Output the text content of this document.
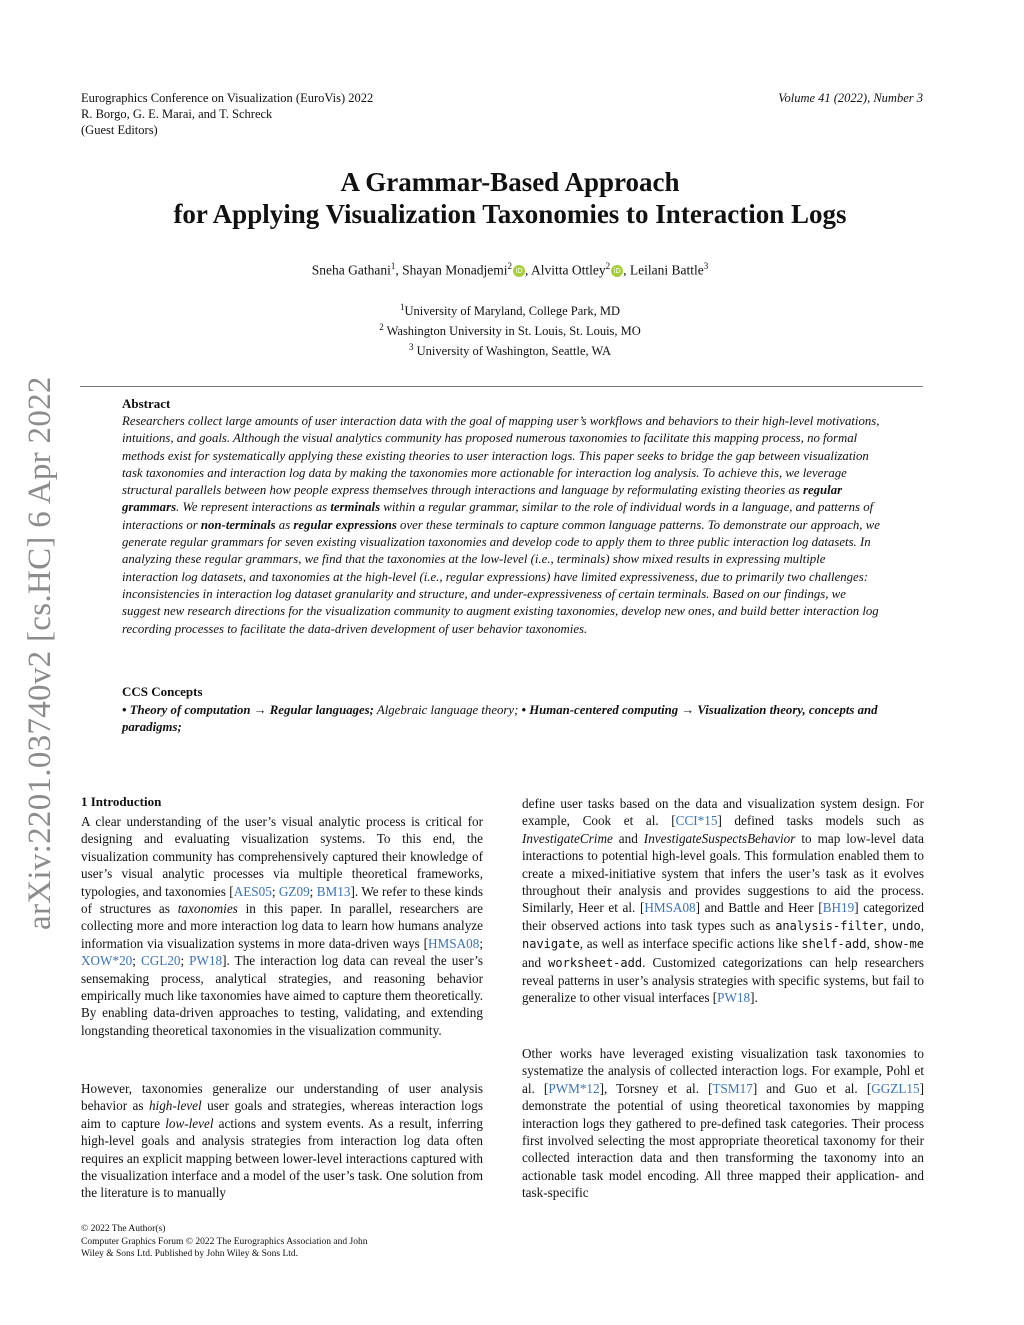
Eurographics Conference on Visualization (EuroVis) 2022
R. Borgo, G. E. Marai, and T. Schreck
(Guest Editors)
Volume 41 (2022), Number 3
arXiv:2201.03740v2 [cs.HC] 6 Apr 2022
A Grammar-Based Approach
for Applying Visualization Taxonomies to Interaction Logs
Sneha Gathani$^1$, Shayan Monadjemi$^2$ iD , Alvitta Ottley$^2$ iD , Leilani Battle$^3$
$^1$University of Maryland, College Park, MD
$^2$ Washington University in St. Louis, St. Louis, MO
$^3$ University of Washington, Seattle, WA
Abstract
Researchers collect large amounts of user interaction data with the goal of mapping user’s workflows and behaviors to their high-level motivations, intuitions, and goals. Although the visual analytics community has proposed numerous taxonomies to facilitate this mapping process, no formal methods exist for systematically applying these existing theories to user interaction logs. This paper seeks to bridge the gap between visualization task taxonomies and interaction log data by making the taxonomies more actionable for interaction log analysis. To achieve this, we leverage structural parallels between how people express themselves through interactions and language by reformulating existing theories as regular grammars. We represent interactions as terminals within a regular grammar, similar to the role of individual words in a language, and patterns of interactions or non-terminals as regular expressions over these terminals to capture common language patterns. To demonstrate our approach, we generate regular grammars for seven existing visualization taxonomies and develop code to apply them to three public interaction log datasets. In analyzing these regular grammars, we find that the taxonomies at the low-level (i.e., terminals) show mixed results in expressing multiple interaction log datasets, and taxonomies at the high-level (i.e., regular expressions) have limited expressiveness, due to primarily two challenges: inconsistencies in interaction log dataset granularity and structure, and under-expressiveness of certain terminals. Based on our findings, we suggest new research directions for the visualization community to augment existing taxonomies, develop new ones, and build better interaction log recording processes to facilitate the data-driven development of user behavior taxonomies.
CCS Concepts
• Theory of computation → Regular languages; Algebraic language theory; • Human-centered computing → Visualization theory, concepts and paradigms;
1 Introduction

A clear understanding of the user’s visual analytic process is critical for designing and evaluating visualization systems. To this end, the visualization community has comprehensively captured their knowledge of user’s visual analytic processes via multiple theoretical frameworks, typologies, and taxonomies [AES05; GZ09; BM13]. We refer to these kinds of structures as taxonomies in this paper. In parallel, researchers are collecting more and more interaction log data to learn how humans analyze information via visualization systems in more data-driven ways [HMSA08; XOW*20; CGL20; PW18]. The interaction log data can reveal the user’s sensemaking process, analytical strategies, and reasoning behavior empirically much like taxonomies have aimed to capture them theoretically. By enabling data-driven approaches to testing, validating, and extending longstanding theoretical taxonomies in the visualization community.

However, taxonomies generalize our understanding of user analysis behavior as high-level user goals and strategies, whereas interaction logs aim to capture low-level actions and system events. As a result, inferring high-level goals and analysis strategies from interaction log data often requires an explicit mapping between lower-level interactions captured with the visualization interface and a model of the user’s task. One solution from the literature is to manually

define user tasks based on the data and visualization system design. For example, Cook et al. [CCI*15] defined tasks models such as InvestigateCrime and InvestigateSuspectsBehavior to map low-level data interactions to potential high-level goals. This formulation enabled them to create a mixed-initiative system that infers the user’s task as it evolves throughout their analysis and provides suggestions to aid the process. Similarly, Heer et al. [HMSA08] and Battle and Heer [BH19] categorized their observed actions into task types such as analysis-filter, undo, navigate, as well as interface specific actions like shelf-add, show-me and worksheet-add. Customized categorizations can help researchers reveal patterns in user’s analysis strategies with specific systems, but fail to generalize to other visual interfaces [PW18].

Other works have leveraged existing visualization task taxonomies to systematize the analysis of collected interaction logs. For example, Pohl et al. [PWM*12], Torsney et al. [TSM17] and Guo et al. [GGZL15] demonstrate the potential of using theoretical taxonomies by mapping interaction logs they gathered to pre-defined task categories. Their process first involved selecting the most appropriate theoretical taxonomy for their collected interaction data and then transforming the taxonomy into an actionable task model encoding. All three mapped their application- and task-specific

© 2022 The Author(s)
Computer Graphics Forum © 2022 The Eurographics Association and John
Wiley & Sons Ltd. Published by John Wiley & Sons Ltd.
